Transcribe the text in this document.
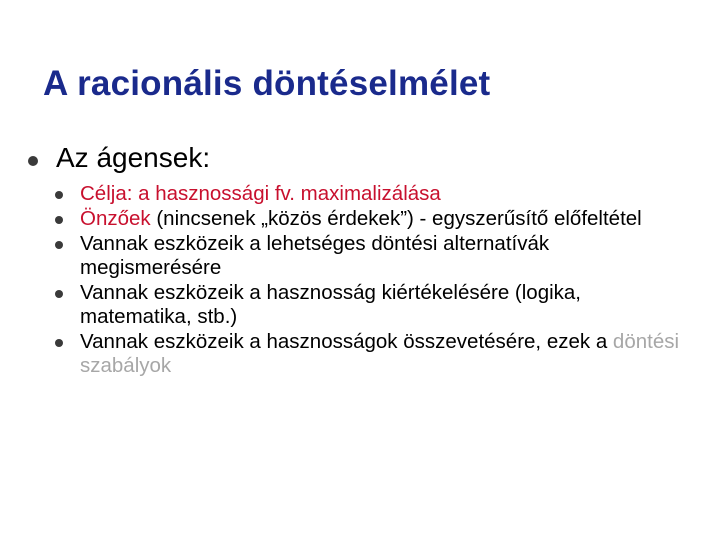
A racionális döntéselmélet
Az ágensek:
Célja: a hasznossági fv. maximalizálása
Önzőek (nincsenek „közös érdekek”) - egyszerűsítő előfeltétel
Vannak eszközeik a lehetséges döntési alternatívák megismerésére
Vannak eszközeik a hasznosság kiértékelésére (logika, matematika, stb.)
Vannak eszközeik a hasznosságok összevetésére, ezek a döntési szabályok
